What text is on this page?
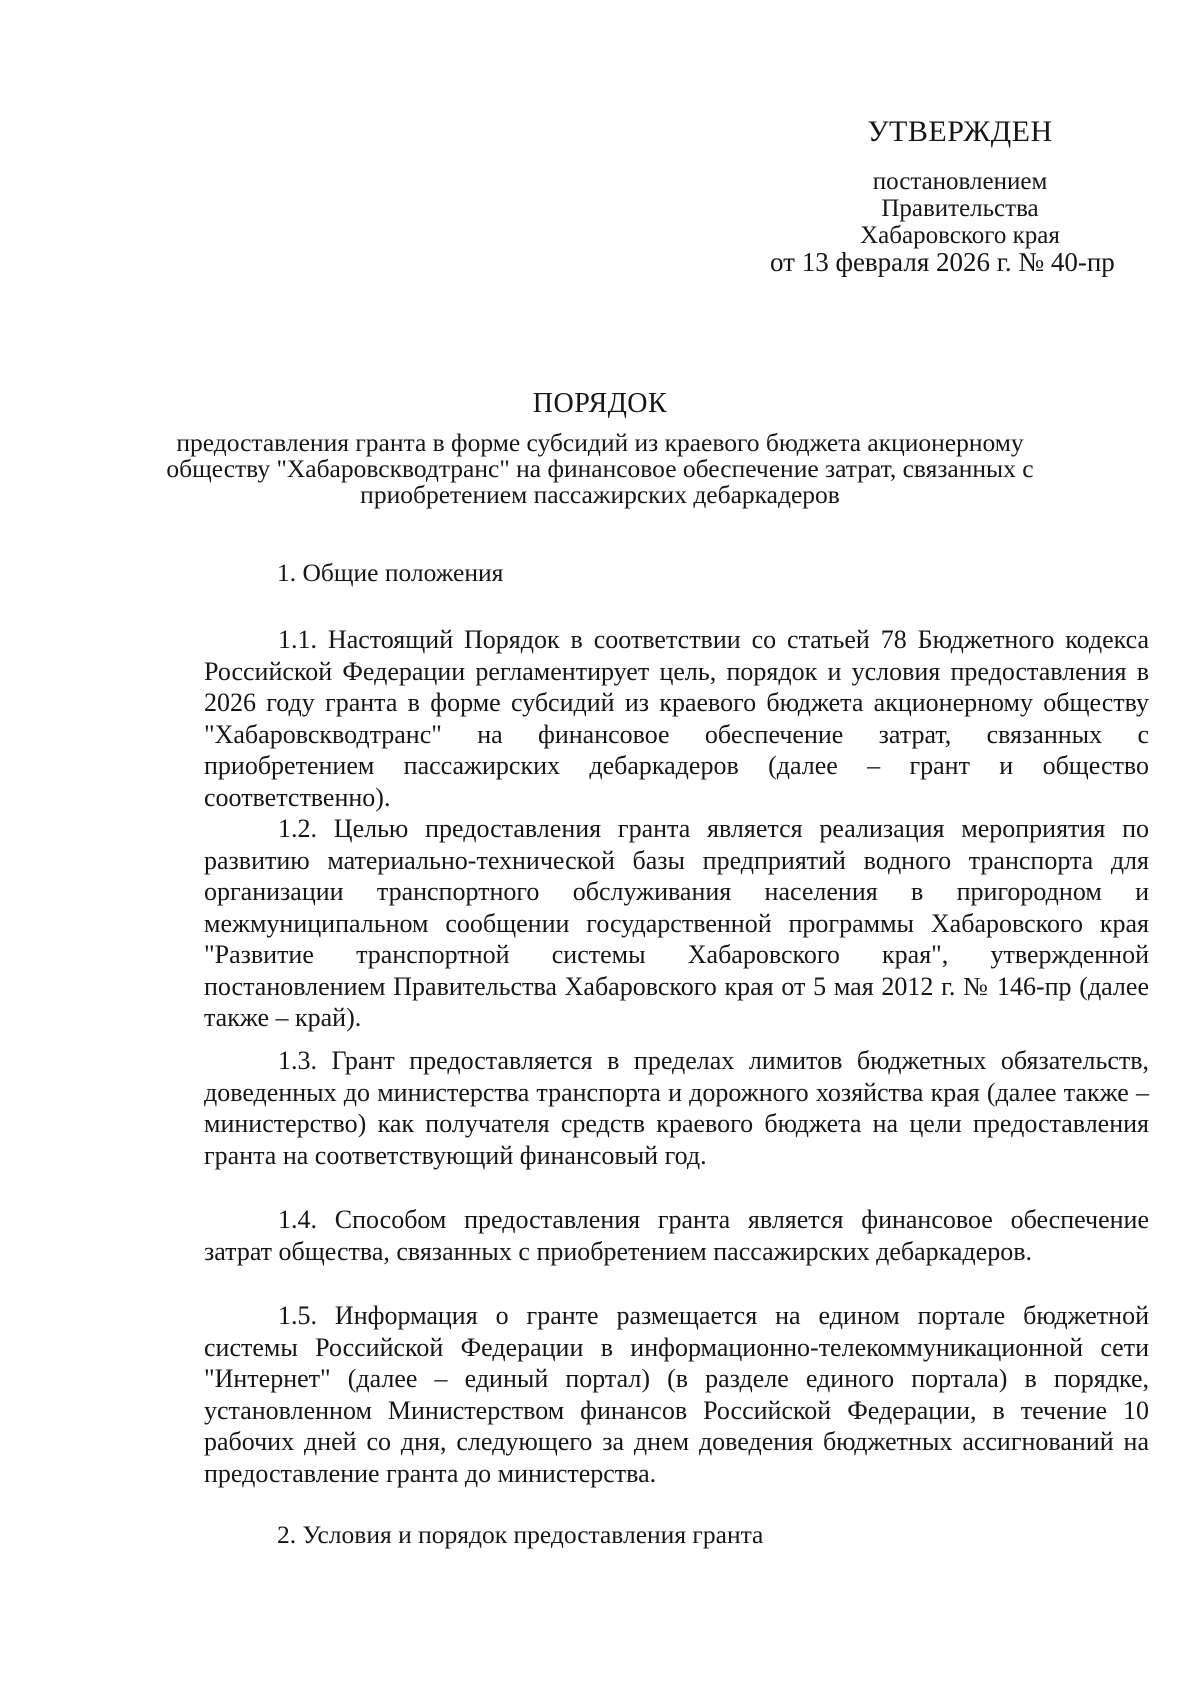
УТВЕРЖДЕН
постановлением
Правительства
Хабаровского края
от 13 февраля 2026 г. № 40-пр
ПОРЯДОК
предоставления гранта в форме субсидий из краевого бюджета акционерному обществу "Хабаровскводтранс" на финансовое обеспечение затрат, связанных с приобретением пассажирских дебаркадеров
1. Общие положения

1.1. Настоящий Порядок в соответствии со статьей 78 Бюджетного кодекса Российской Федерации регламентирует цель, порядок и условия предоставления в 2026 году гранта в форме субсидий из краевого бюджета акционерному обществу "Хабаровскводтранс" на финансовое обеспечение затрат, связанных с приобретением пассажирских дебаркадеров (далее – грант и общество соответственно).

1.2. Целью предоставления гранта является реализация мероприятия по развитию материально-технической базы предприятий водного транспорта для организации транспортного обслуживания населения в пригородном и межмуниципальном сообщении государственной программы Хабаровского края "Развитие транспортной системы Хабаровского края", утвержденной постановлением Правительства Хабаровского края от 5 мая 2012 г. № 146-пр (далее также – край).

1.3. Грант предоставляется в пределах лимитов бюджетных обязательств, доведенных до министерства транспорта и дорожного хозяйства края (далее также – министерство) как получателя средств краевого бюджета на цели предоставления гранта на соответствующий финансовый год.

1.4. Способом предоставления гранта является финансовое обеспечение затрат общества, связанных с приобретением пассажирских дебаркадеров.

1.5. Информация о гранте размещается на едином портале бюджетной системы Российской Федерации в информационно-телекоммуникационной сети "Интернет" (далее – единый портал) (в разделе единого портала) в порядке, установленном Министерством финансов Российской Федерации, в течение 10 рабочих дней со дня, следующего за днем доведения бюджетных ассигнований на предоставление гранта до министерства.

2. Условия и порядок предоставления гранта
